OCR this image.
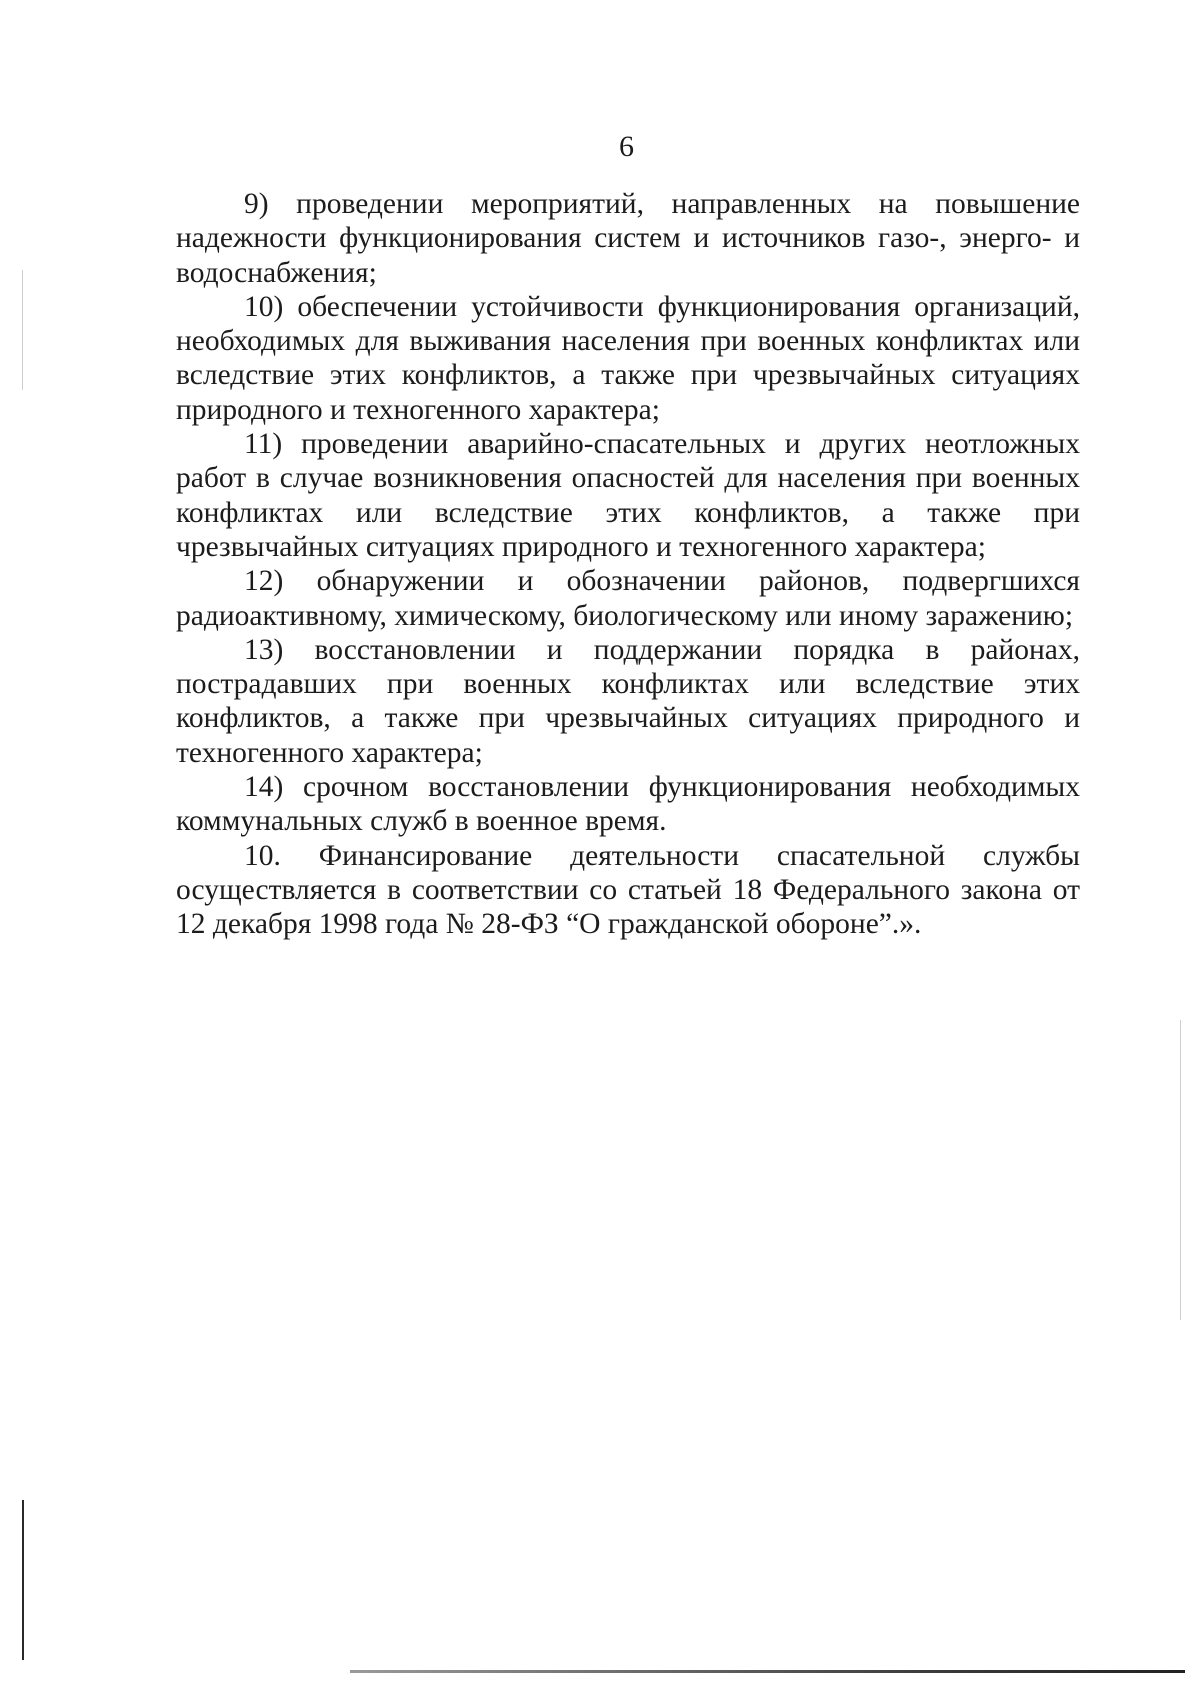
6

9) проведении мероприятий, направленных на повышение надежности функционирования систем и источников газо-, энерго- и водоснабжения;

10) обеспечении устойчивости функционирования организаций, необходимых для выживания населения при военных конфликтах или вследствие этих конфликтов, а также при чрезвычайных ситуациях природного и техногенного характера;

11) проведении аварийно-спасательных и других неотложных работ в случае возникновения опасностей для населения при военных конфликтах или вследствие этих конфликтов, а также при чрезвычайных ситуациях природного и техногенного характера;

12) обнаружении и обозначении районов, подвергшихся радиоактивному, химическому, биологическому или иному заражению;

13) восстановлении и поддержании порядка в районах, пострадавших при военных конфликтах или вследствие этих конфликтов, а также при чрезвычайных ситуациях природного и техногенного характера;

14) срочном восстановлении функционирования необходимых коммунальных служб в военное время.

10. Финансирование деятельности спасательной службы осуществляется в соответствии со статьей 18 Федерального закона от 12 декабря 1998 года № 28-ФЗ “О гражданской обороне”.».
